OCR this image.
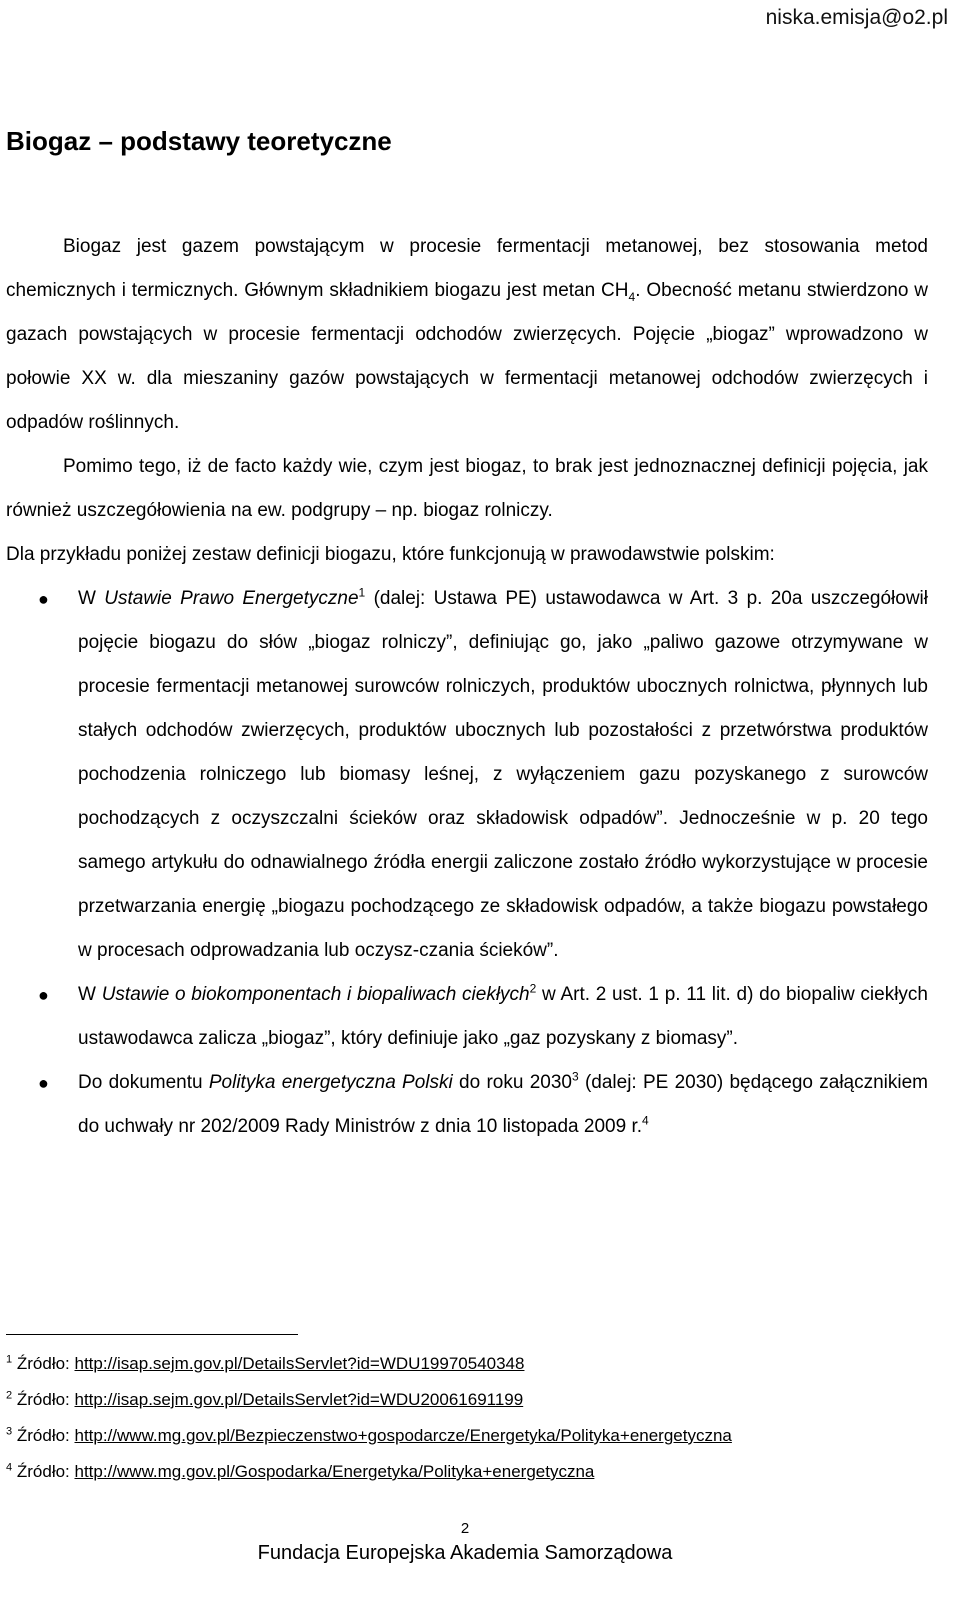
niska.emisja@o2.pl
Biogaz – podstawy teoretyczne

Biogaz jest gazem powstającym w procesie fermentacji metanowej, bez stosowania metod chemicznych i termicznych. Głównym składnikiem biogazu jest metan $CH_4$. Obecność metanu stwierdzono w gazach powstających w procesie fermentacji odchodów zwierzęcych. Pojęcie „biogaz” wprowadzono w połowie XX w. dla mieszaniny gazów powstających w fermentacji metanowej odchodów zwierzęcych i odpadów roślinnych.

Pomimo tego, iż de facto każdy wie, czym jest biogaz, to brak jest jednoznacznej definicji pojęcia, jak również uszczegółowienia na ew. podgrupy – np. biogaz rolniczy.

Dla przykładu poniżej zestaw definicji biogazu, które funkcjonują w prawodawstwie polskim:

● W Ustawie Prawo Energetyczne$^1$ (dalej: Ustawa PE) ustawodawca w Art. 3 p. 20a uszczegółowił pojęcie biogazu do słów „biogaz rolniczy”, definiując go, jako „paliwo gazowe otrzymywane w procesie fermentacji metanowej surowców rolniczych, produktów ubocznych rolnictwa, płynnych lub stałych odchodów zwierzęcych, produktów ubocznych lub pozostałości z przetwórstwa produktów pochodzenia rolniczego lub biomasy leśnej, z wyłączeniem gazu pozyskanego z surowców pochodzących z oczyszczalni ścieków oraz składowisk odpadów”. Jednocześnie w p. 20 tego samego artykułu do odnawialnego źródła energii zaliczone zostało źródło wykorzystujące w procesie przetwarzania energię „biogazu pochodzącego ze składowisk odpadów, a także biogazu powstałego w procesach odprowadzania lub oczysz-czania ścieków”.
● W Ustawie o biokomponentach i biopaliwach ciekłych$^2$ w Art. 2 ust. 1 p. 11 lit. d) do biopaliw ciekłych ustawodawca zalicza „biogaz”, który definiuje jako „gaz pozyskany z biomasy”.
● Do dokumentu Polityka energetyczna Polski do roku 2030$^3$ (dalej: PE 2030) będącego załącznikiem do uchwały nr 202/2009 Rady Ministrów z dnia 10 listopada 2009 r.$^4$
$^1$ Źródło: http://isap.sejm.gov.pl/DetailsServlet?id=WDU19970540348
$^2$ Źródło: http://isap.sejm.gov.pl/DetailsServlet?id=WDU20061691199
$^3$ Źródło: http://www.mg.gov.pl/Bezpieczenstwo+gospodarcze/Energetyka/Polityka+energetyczna
$^4$ Źródło: http://www.mg.gov.pl/Gospodarka/Energetyka/Polityka+energetyczna
2
Fundacja Europejska Akademia Samorządowa
